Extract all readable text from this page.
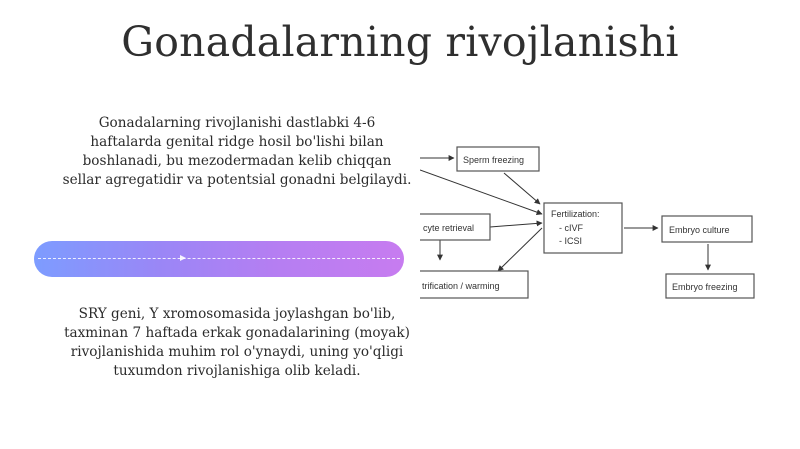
Gonadalarning rivojlanishi
Gonadalarning rivojlanishi dastlabki 4-6 haftalarda genital ridge hosil bo'lishi bilan boshlanadi, bu mezodermadan kelib chiqqan sellar agregatidir va potentsial gonadni belgilaydi.
SRY geni, Y xromosomasida joylashgan bo'lib, taxminan 7 haftada erkak gonadalarining (moyak) rivojlanishida muhim rol o'ynaydi, uning yo'qligi tuxumdon rivojlanishiga olib keladi.
Sperm freezing
cyte retrieval
trification / warming
Fertilization:
- cIVF
- ICSI
Embryo culture
Embryo freezing
